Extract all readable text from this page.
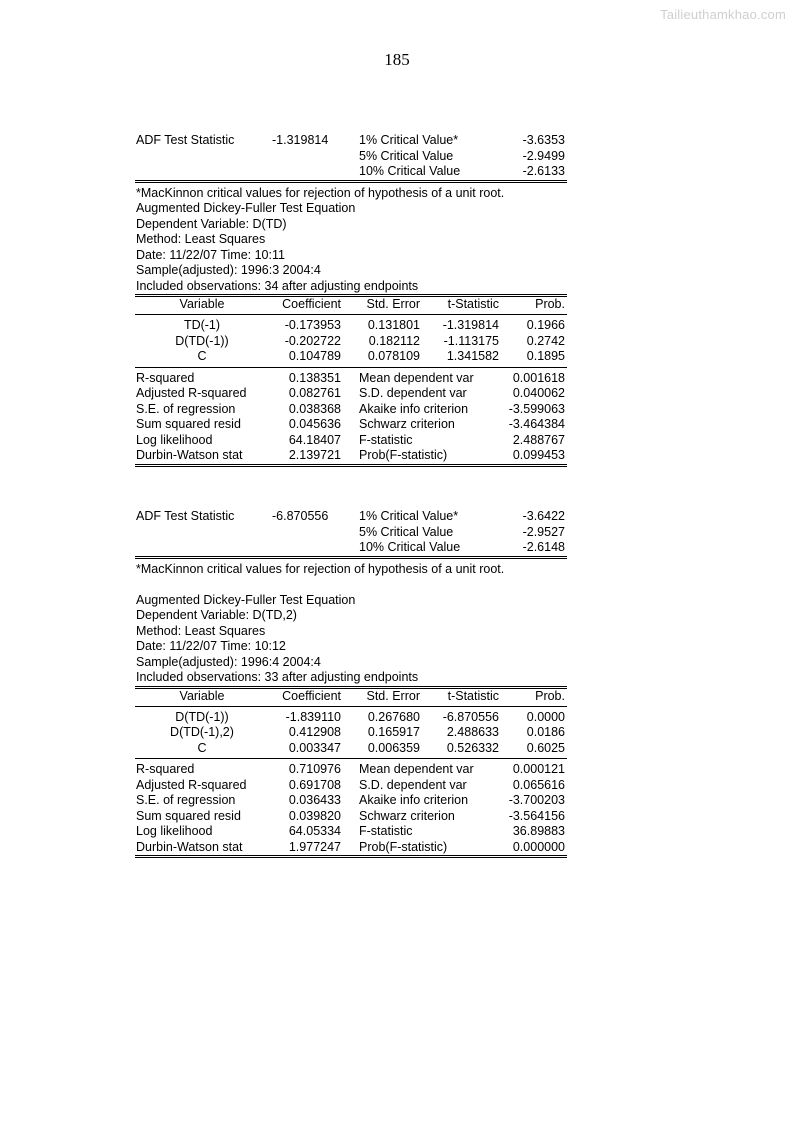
Tailieuthamkhao.com
185
ADF Test Statistic	-1.319814 1% Critical Value*	-3.6353
5% Critical Value	-2.9499
10% Critical Value	-2.6133
*MacKinnon critical values for rejection of hypothesis of a unit root.
Augmented Dickey-Fuller Test Equation
Dependent Variable: D(TD)
Method: Least Squares
Date: 11/22/07 Time: 10:11
Sample(adjusted): 1996:3 2004:4
Included observations: 34 after adjusting endpoints
Variable	Coefficient Std. Error t-Statistic	Prob.
TD(-1)	-0.173953 0.131801 -1.319814 0.1966
D(TD(-1))	-0.202722 0.182112 -1.113175 0.2742
C	0.104789 0.078109 1.341582 0.1895
R-squared	0.138351 Mean dependent var	0.001618
Adjusted R-squared	0.082761 S.D. dependent var	0.040062
S.E. of regression	0.038368 Akaike info criterion	-3.599063
Sum squared resid	0.045636 Schwarz criterion	-3.464384
Log likelihood	64.18407 F-statistic	2.488767
Durbin-Watson stat	2.139721 Prob(F-statistic)	0.099453
ADF Test Statistic	-6.870556 1% Critical Value*	-3.6422
5% Critical Value	-2.9527
10% Critical Value	-2.6148
*MacKinnon critical values for rejection of hypothesis of a unit root.
Augmented Dickey-Fuller Test Equation
Dependent Variable: D(TD,2)
Method: Least Squares
Date: 11/22/07 Time: 10:12
Sample(adjusted): 1996:4 2004:4
Included observations: 33 after adjusting endpoints
Variable	Coefficient Std. Error t-Statistic	Prob.
D(TD(-1))	-1.839110 0.267680 -6.870556 0.0000
D(TD(-1),2)	0.412908 0.165917 2.488633 0.0186
C	0.003347 0.006359 0.526332 0.6025
R-squared	0.710976 Mean dependent var	0.000121
Adjusted R-squared	0.691708 S.D. dependent var	0.065616
S.E. of regression	0.036433 Akaike info criterion	-3.700203
Sum squared resid	0.039820 Schwarz criterion	-3.564156
Log likelihood	64.05334 F-statistic	36.89883
Durbin-Watson stat	1.977247 Prob(F-statistic)	0.000000
